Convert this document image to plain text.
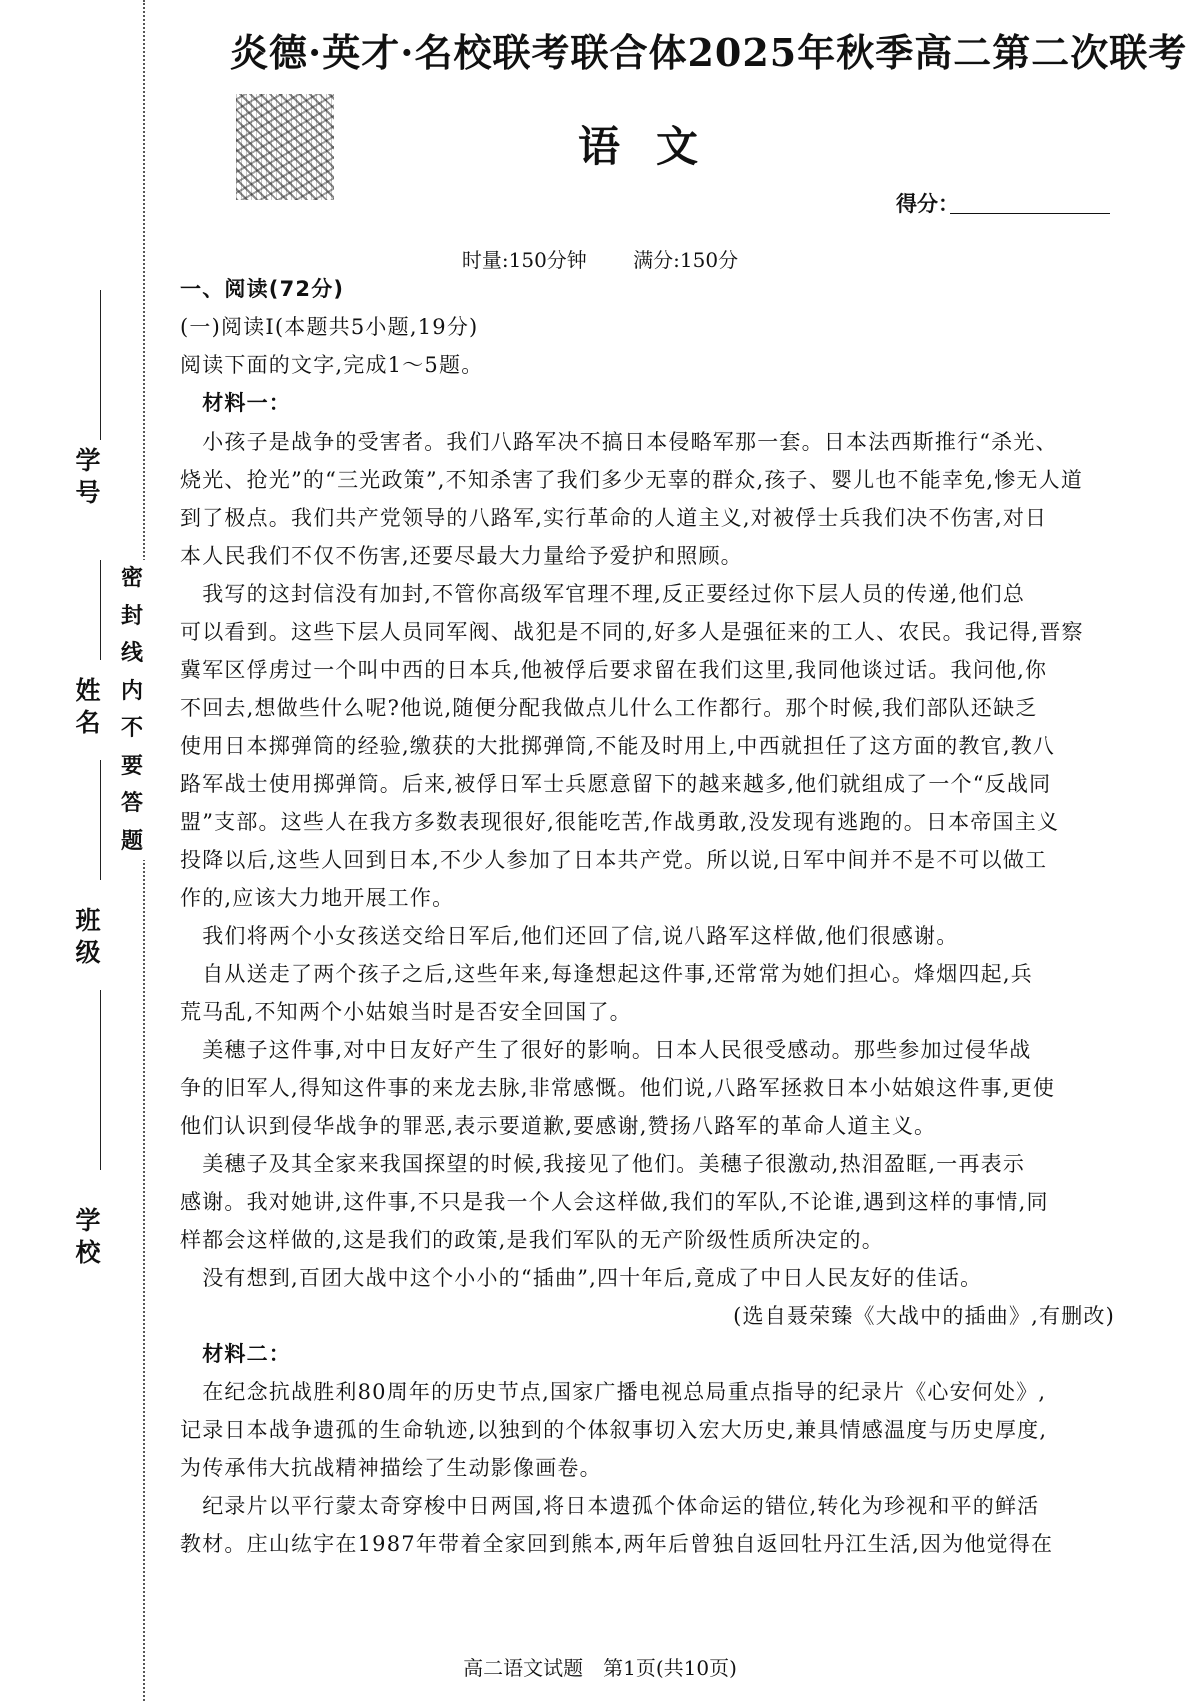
学
号
姓
名
班
级
学
校
密
封
线
内
不
要
答
题
炎德·英才·名校联考联合体2025年秋季高二第二次联考
语文
得分：
时量:150分钟 满分:150分
一、阅读(72分)
(一)阅读Ⅰ(本题共5小题,19分)
阅读下面的文字,完成1～5题。
　材料一：
　小孩子是战争的受害者。我们八路军决不搞日本侵略军那一套。日本法西斯推行“杀光、
烧光、抢光”的“三光政策”,不知杀害了我们多少无辜的群众,孩子、婴儿也不能幸免,惨无人道
到了极点。我们共产党领导的八路军,实行革命的人道主义,对被俘士兵我们决不伤害,对日
本人民我们不仅不伤害,还要尽最大力量给予爱护和照顾。
　我写的这封信没有加封,不管你高级军官理不理,反正要经过你下层人员的传递,他们总
可以看到。这些下层人员同军阀、战犯是不同的,好多人是强征来的工人、农民。我记得,晋察
冀军区俘虏过一个叫中西的日本兵,他被俘后要求留在我们这里,我同他谈过话。我问他,你
不回去,想做些什么呢?他说,随便分配我做点儿什么工作都行。那个时候,我们部队还缺乏
使用日本掷弹筒的经验,缴获的大批掷弹筒,不能及时用上,中西就担任了这方面的教官,教八
路军战士使用掷弹筒。后来,被俘日军士兵愿意留下的越来越多,他们就组成了一个“反战同
盟”支部。这些人在我方多数表现很好,很能吃苦,作战勇敢,没发现有逃跑的。日本帝国主义
投降以后,这些人回到日本,不少人参加了日本共产党。所以说,日军中间并不是不可以做工
作的,应该大力地开展工作。
　我们将两个小女孩送交给日军后,他们还回了信,说八路军这样做,他们很感谢。
　自从送走了两个孩子之后,这些年来,每逢想起这件事,还常常为她们担心。烽烟四起,兵
荒马乱,不知两个小姑娘当时是否安全回国了。
　美穗子这件事,对中日友好产生了很好的影响。日本人民很受感动。那些参加过侵华战
争的旧军人,得知这件事的来龙去脉,非常感慨。他们说,八路军拯救日本小姑娘这件事,更使
他们认识到侵华战争的罪恶,表示要道歉,要感谢,赞扬八路军的革命人道主义。
　美穗子及其全家来我国探望的时候,我接见了他们。美穗子很激动,热泪盈眶,一再表示
感谢。我对她讲,这件事,不只是我一个人会这样做,我们的军队,不论谁,遇到这样的事情,同
样都会这样做的,这是我们的政策,是我们军队的无产阶级性质所决定的。
　没有想到,百团大战中这个小小的“插曲”,四十年后,竟成了中日人民友好的佳话。
(选自聂荣臻《大战中的插曲》,有删改)
　材料二：
　在纪念抗战胜利80周年的历史节点,国家广播电视总局重点指导的纪录片《心安何处》,
记录日本战争遗孤的生命轨迹,以独到的个体叙事切入宏大历史,兼具情感温度与历史厚度,
为传承伟大抗战精神描绘了生动影像画卷。
　纪录片以平行蒙太奇穿梭中日两国,将日本遗孤个体命运的错位,转化为珍视和平的鲜活
教材。庄山纮宇在1987年带着全家回到熊本,两年后曾独自返回牡丹江生活,因为他觉得在
高二语文试题　第1页(共10页)
